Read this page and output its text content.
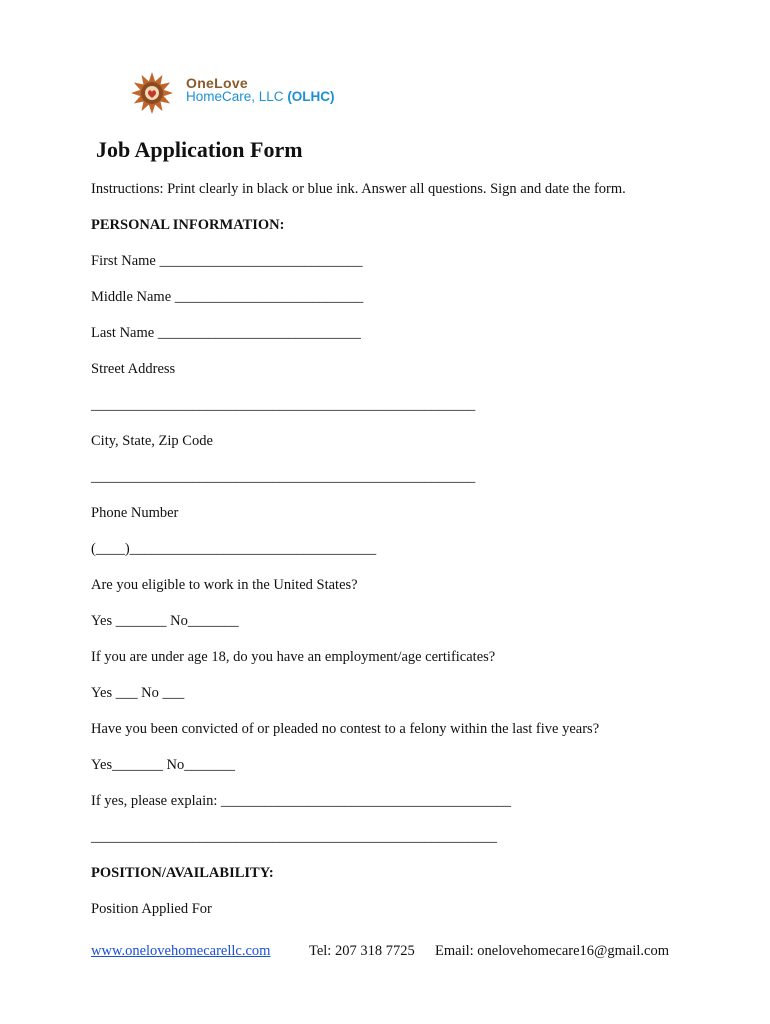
OneLove
HomeCare, LLC (OLHC)
Job Application Form
Instructions: Print clearly in black or blue ink. Answer all questions. Sign and date the form.
PERSONAL INFORMATION:
First Name ____________________________
Middle Name __________________________
Last Name ____________________________
Street Address
_____________________________________________________
City, State, Zip Code
_____________________________________________________
Phone Number
(____)__________________________________
Are you eligible to work in the United States?
Yes _______ No_______
If you are under age 18, do you have an employment/age certificates?
Yes ___ No ___
Have you been convicted of or pleaded no contest to a felony within the last five years?
Yes_______ No_______
If yes, please explain: ________________________________________
________________________________________________________
POSITION/AVAILABILITY:
Position Applied For
www.onelovehomecarellc.com	Tel: 207 318 7725 Email: onelovehomecare16@gmail.com
